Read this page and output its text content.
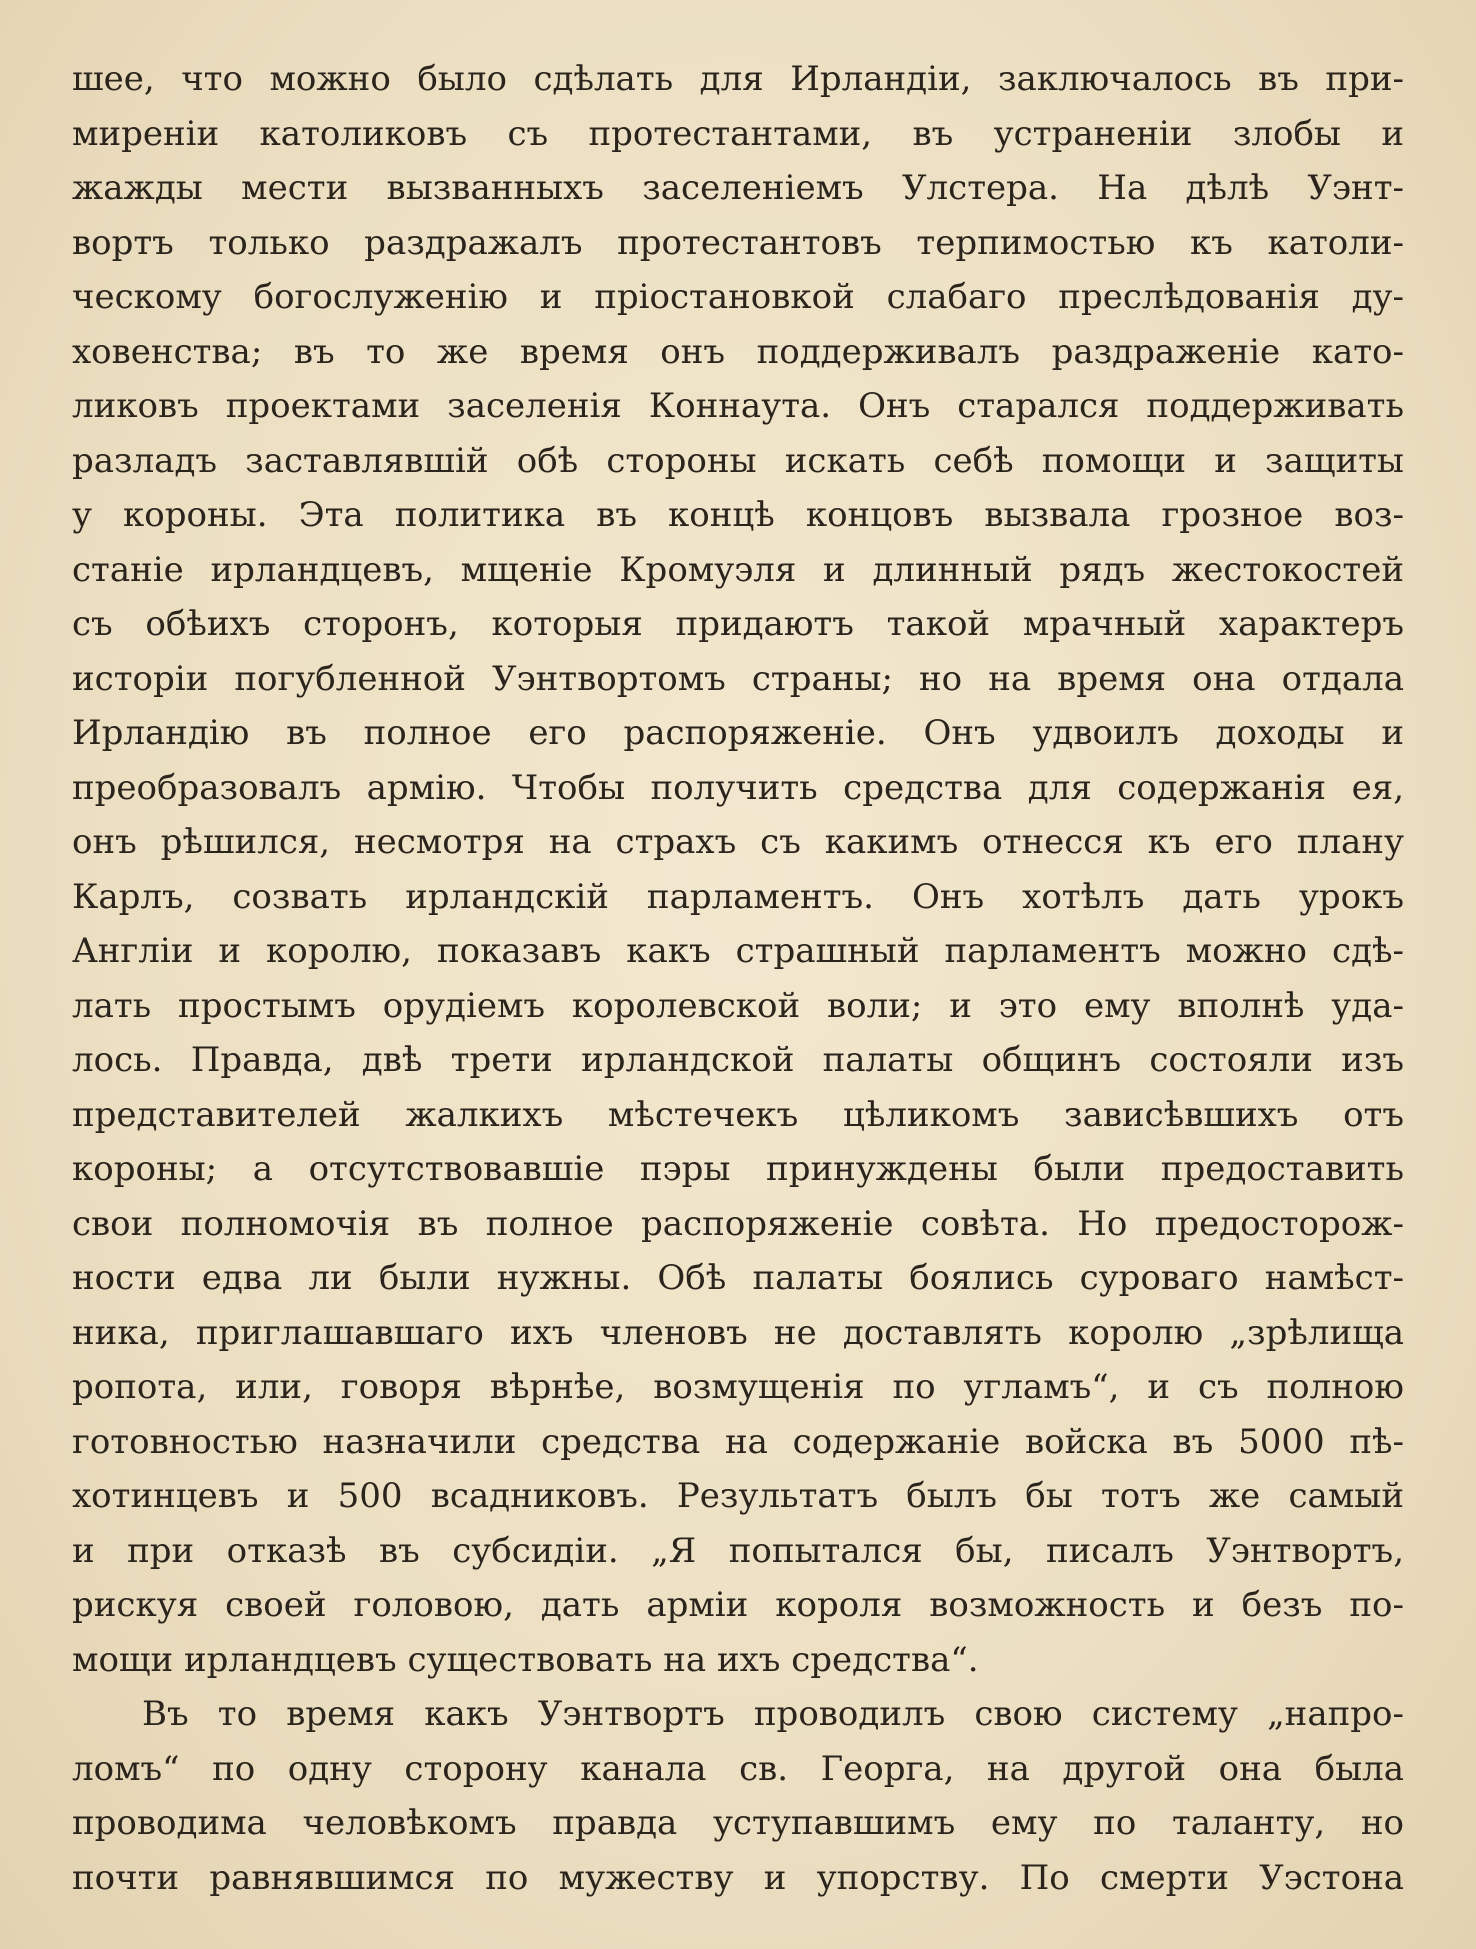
шее, что можно было сдѣлать для Ирландіи, заключалось въ при-
миреніи католиковъ съ протестантами, въ устраненіи злобы и
жажды мести вызванныхъ заселеніемъ Улстера. На дѣлѣ Уэнт-
вортъ только раздражалъ протестантовъ терпимостью къ католи-
ческому богослуженію и пріостановкой слабаго преслѣдованія ду-
ховенства; въ то же время онъ поддерживалъ раздраженіе като-
ликовъ проектами заселенія Коннаута. Онъ старался поддерживать
разладъ заставлявшій обѣ стороны искать себѣ помощи и защиты
у короны. Эта политика въ концѣ концовъ вызвала грозное воз-
станіе ирландцевъ, мщеніе Кромуэля и длинный рядъ жестокостей
съ обѣихъ сторонъ, которыя придаютъ такой мрачный характеръ
исторіи погубленной Уэнтвортомъ страны; но на время она отдала
Ирландію въ полное его распоряженіе. Онъ удвоилъ доходы и
преобразовалъ армію. Чтобы получить средства для содержанія ея,
онъ рѣшился, несмотря на страхъ съ какимъ отнесся къ его плану
Карлъ, созвать ирландскій парламентъ. Онъ хотѣлъ дать урокъ
Англіи и королю, показавъ какъ страшный парламентъ можно сдѣ-
лать простымъ орудіемъ королевской воли; и это ему вполнѣ уда-
лось. Правда, двѣ трети ирландской палаты общинъ состояли изъ
представителей жалкихъ мѣстечекъ цѣликомъ зависѣвшихъ отъ
короны; а отсутствовавшіе пэры принуждены были предоставить
свои полномочія въ полное распоряженіе совѣта. Но предосторож-
ности едва ли были нужны. Обѣ палаты боялись суроваго намѣст-
ника, приглашавшаго ихъ членовъ не доставлять королю „зрѣлища
ропота, или, говоря вѣрнѣе, возмущенія по угламъ“, и съ полною
готовностью назначили средства на содержаніе войска въ 5000 пѣ-
хотинцевъ и 500 всадниковъ. Результатъ былъ бы тотъ же самый
и при отказѣ въ субсидіи. „Я попытался бы, писалъ Уэнтвортъ,
рискуя своей головою, дать арміи короля возможность и безъ по-
мощи ирландцевъ существовать на ихъ средства“.
Въ то время какъ Уэнтвортъ проводилъ свою систему „напро-
ломъ“ по одну сторону канала св. Георга, на другой она была
проводима человѣкомъ правда уступавшимъ ему по таланту, но
почти равнявшимся по мужеству и упорству. По смерти Уэстона
